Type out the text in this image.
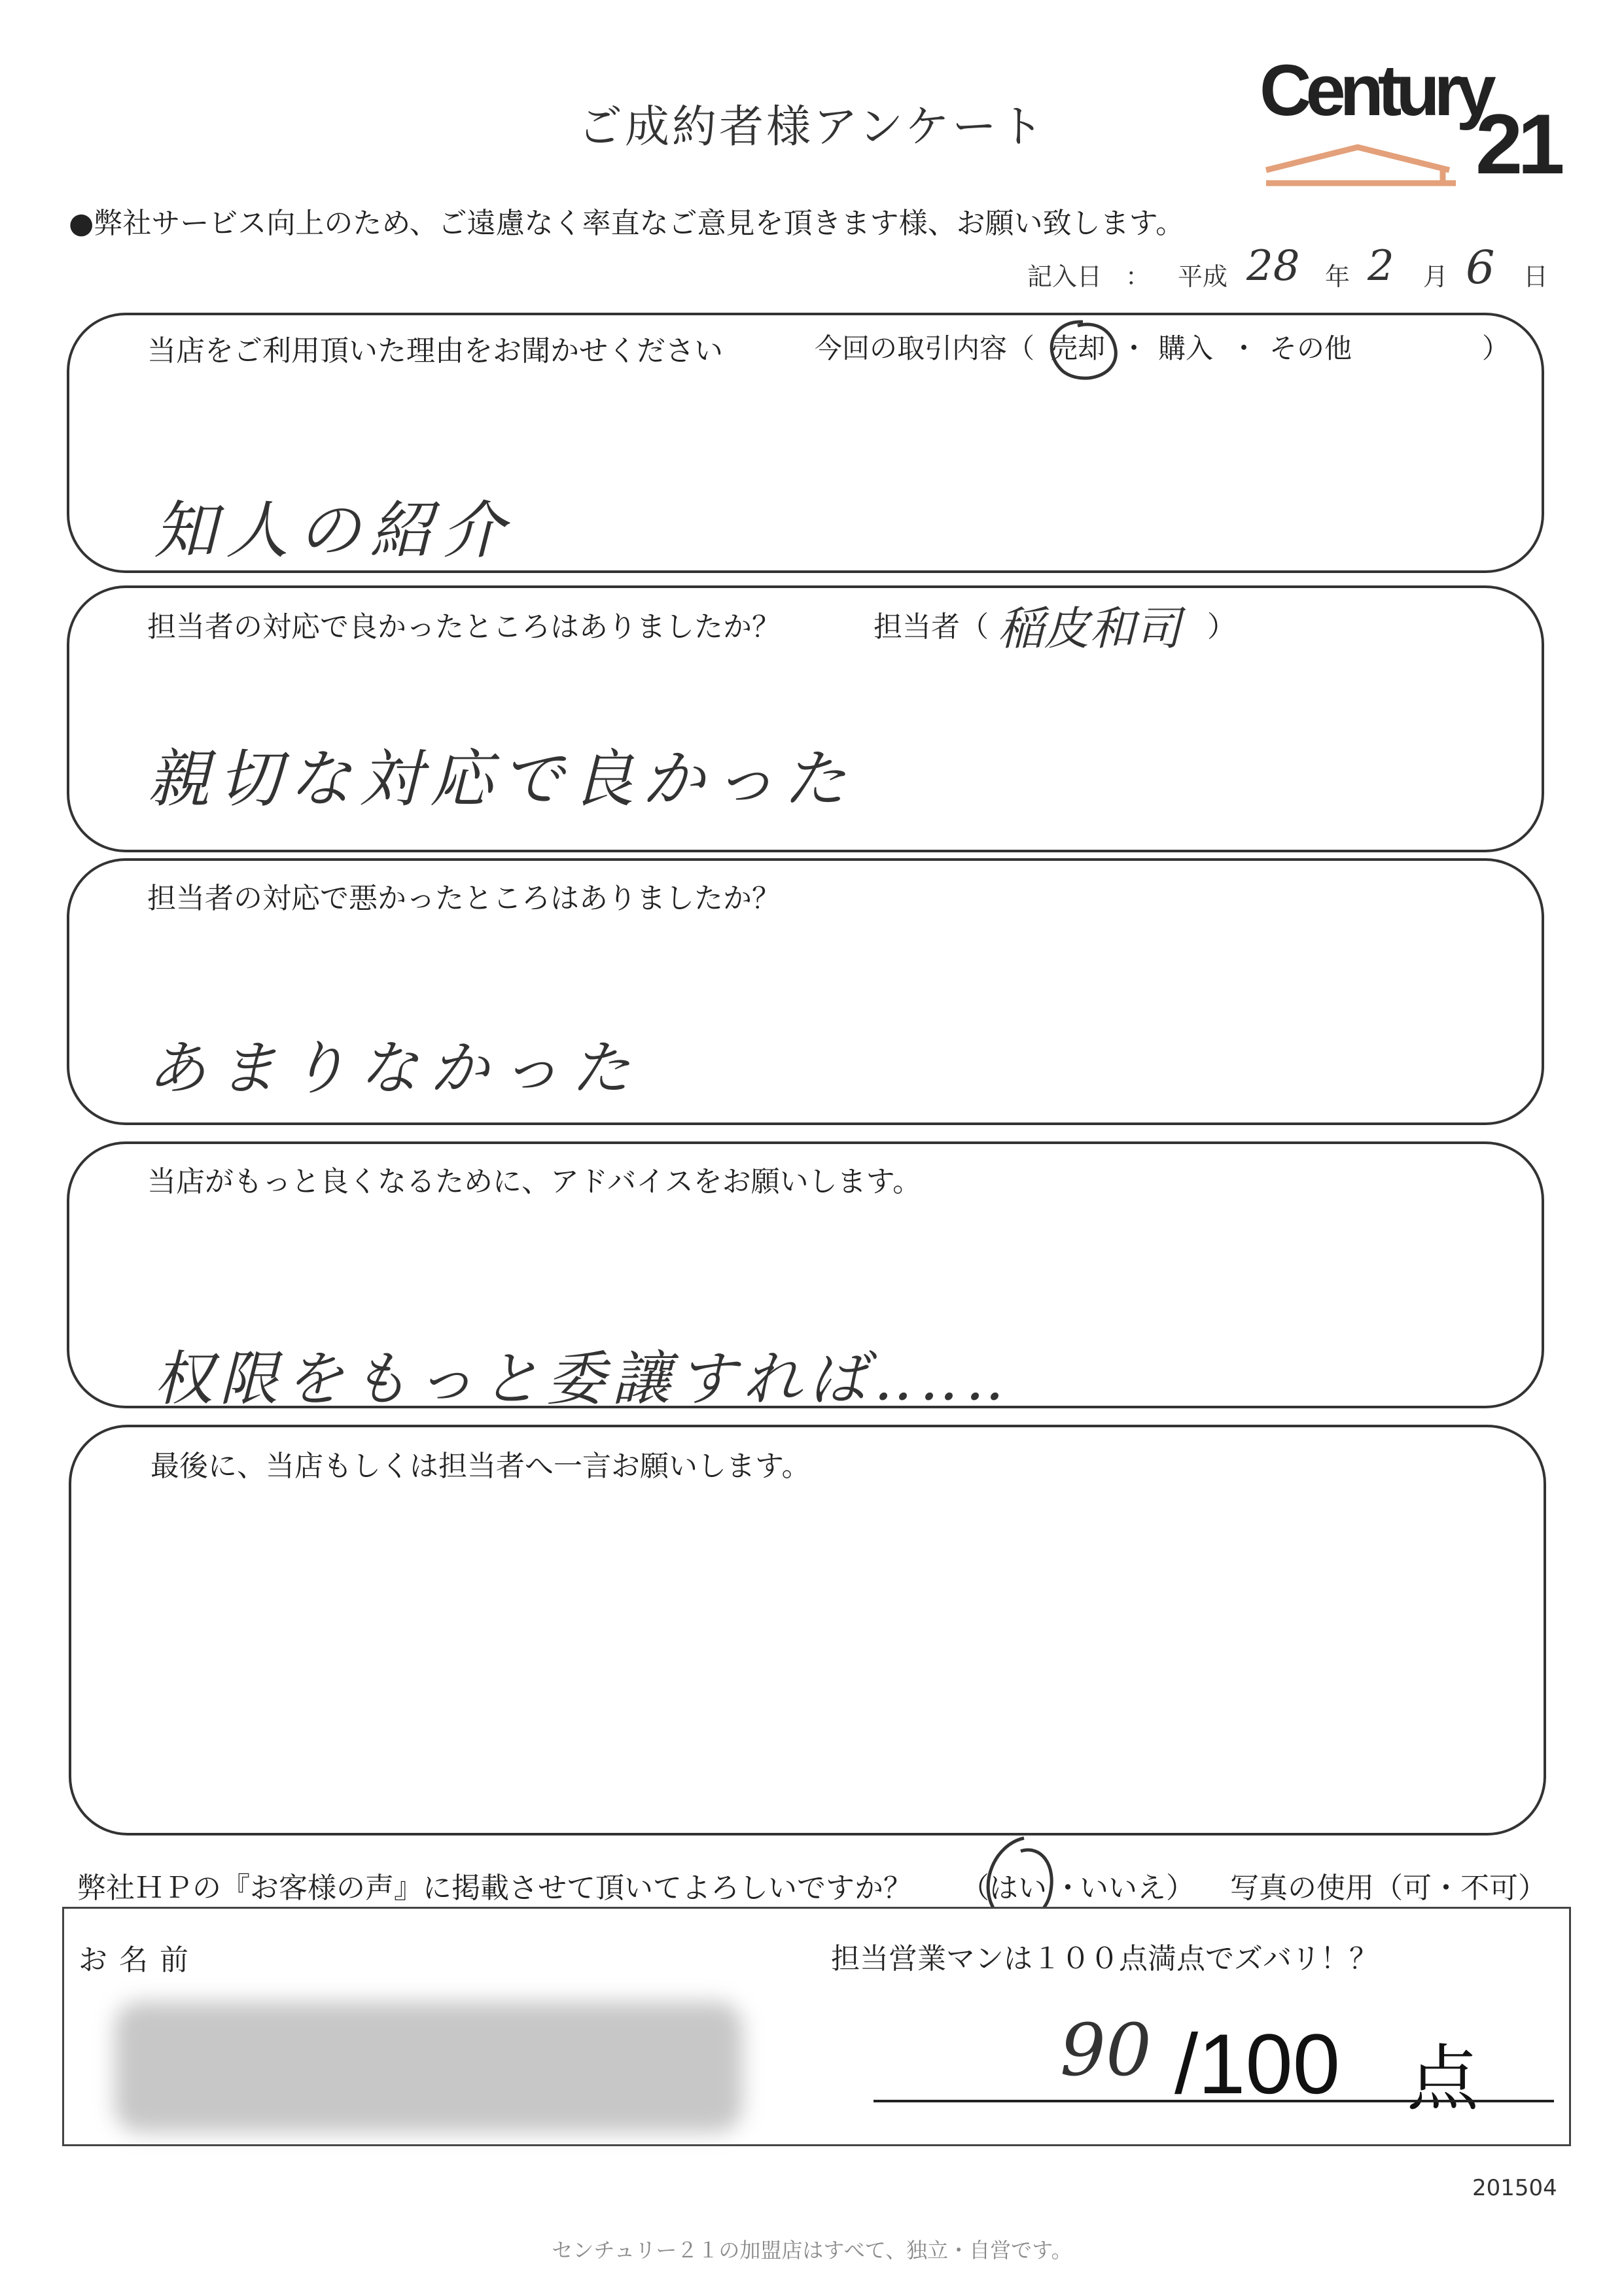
ご成約者様アンケート	Century
21
●弊社サービス向上のため、ご遠慮なく率直なご意見を頂きます様、お願い致します。
記入日 ： 平成 28 年 2 月 6 日
当店をご利用頂いた理由をお聞かせください	今回の取引内容（ 売却 ・ 購入 ・ その他	）
知人の紹介
担当者の対応で良かったところはありましたか？	担当者（ 稲皮和司 ）
親切な対応で良かった
担当者の対応で悪かったところはありましたか？
あまりなかった
当店がもっと良くなるために、アドバイスをお願いします。
权限をもっと委讓すれば‥‥‥
最後に、当店もしくは担当者へ一言お願いします。
弊社ＨＰの『お客様の声』に掲載させて頂いてよろしいですか？ （はい ・
いいえ） 写真の使用（可・不可）
お名前	担当営業マンは１００点満点でズバリ！？
90 /100 点
201504
センチュリー２１の加盟店はすべて、独立・自営です。
